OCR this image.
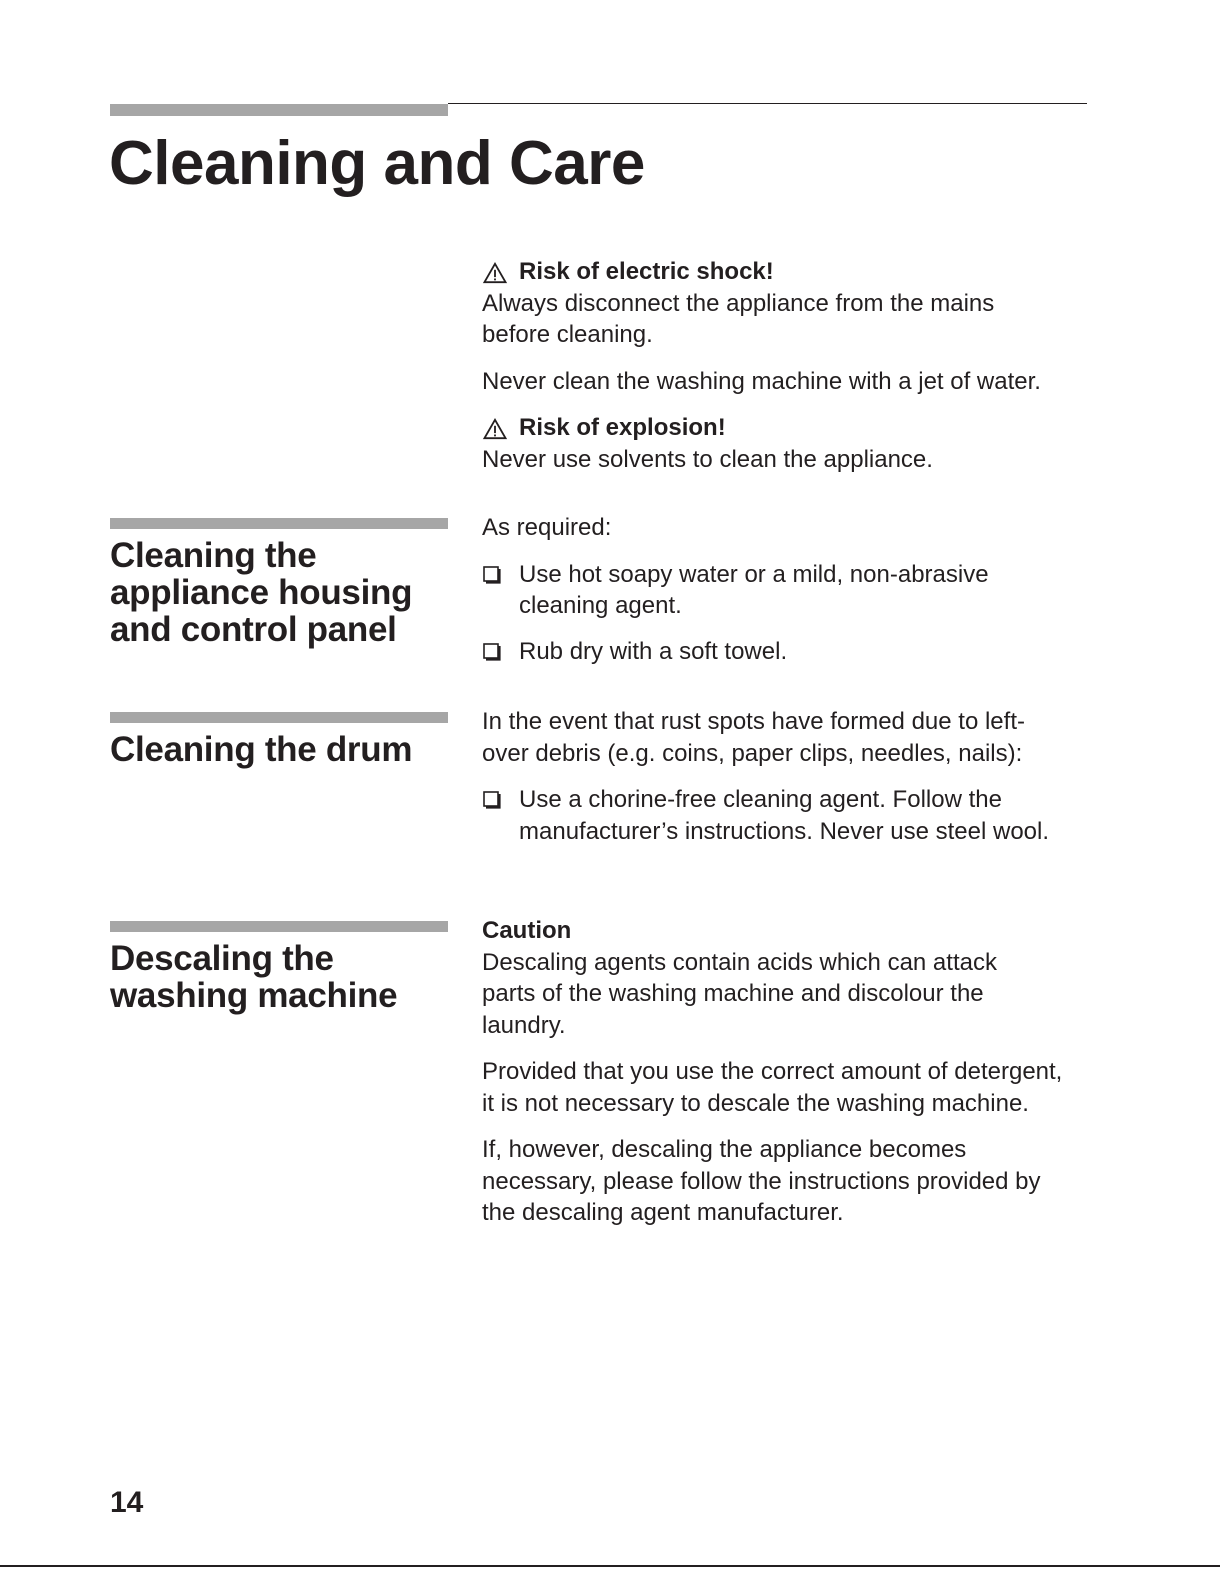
Cleaning and Care

Risk of electric shock!
Always disconnect the appliance from the mains before cleaning.

Never clean the washing machine with a jet of water.

Risk of explosion!
Never use solvents to clean the appliance.

Cleaning the
appliance housing
and control panel

As required:

Use hot soapy water or a mild, non-abrasive cleaning agent.
Rub dry with a soft towel.
Cleaning the drum

In the event that rust spots have formed due to left-over debris (e.g. coins, paper clips, needles, nails):

Use a chorine-free cleaning agent. Follow the manufacturer’s instructions. Never use steel wool.
Descaling the
washing machine

Caution
Descaling agents contain acids which can attack parts of the washing machine and discolour the laundry.

Provided that you use the correct amount of detergent, it is not necessary to descale the washing machine.

If, however, descaling the appliance becomes necessary, please follow the instructions provided by the descaling agent manufacturer.

14
